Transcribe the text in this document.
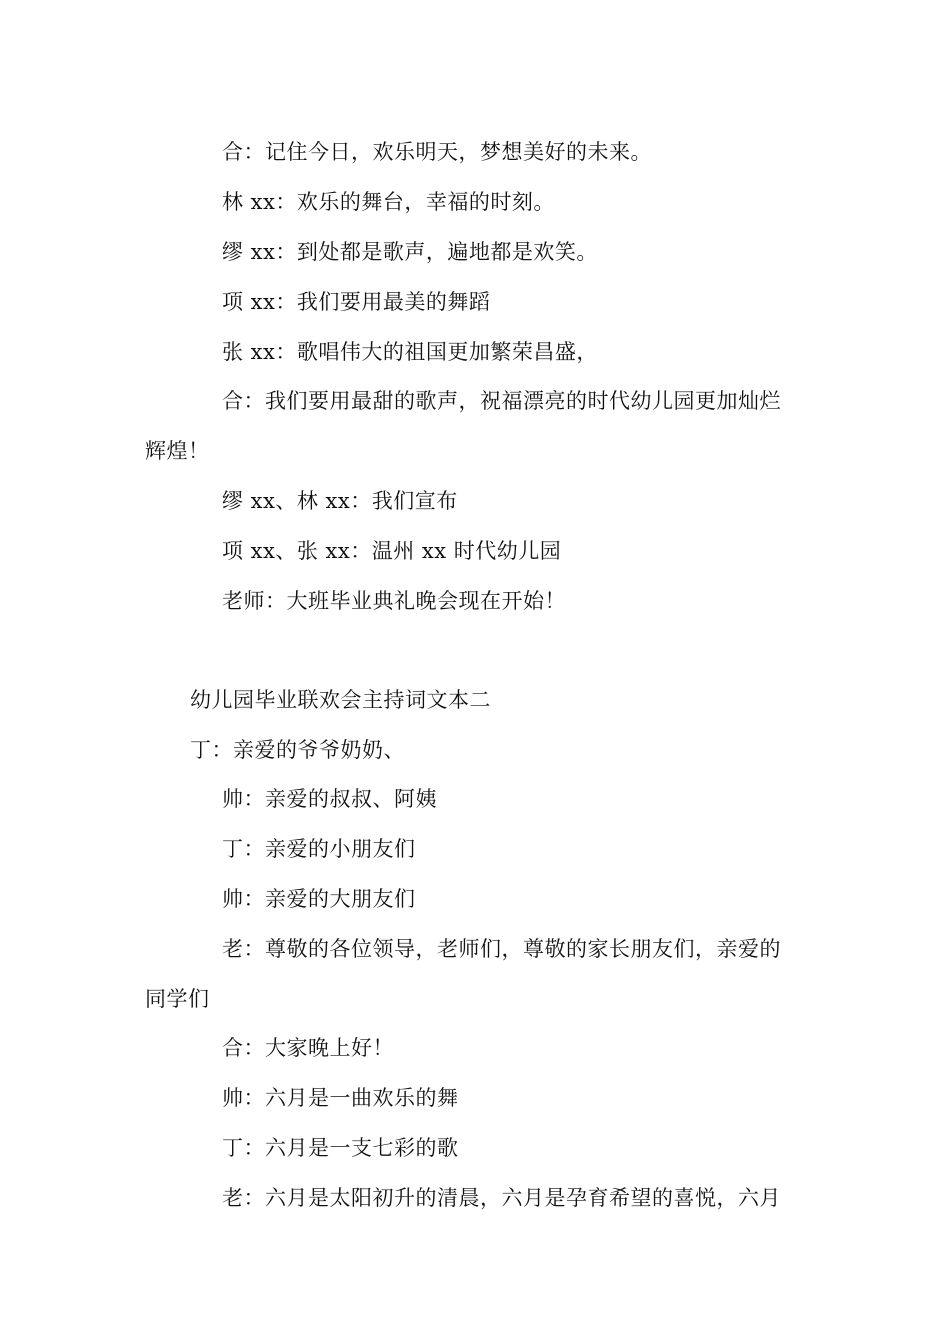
合：记住今日，欢乐明天，梦想美好的未来。
林 xx：欢乐的舞台，幸福的时刻。
缪 xx：到处都是歌声，遍地都是欢笑。
项 xx：我们要用最美的舞蹈
张 xx：歌唱伟大的祖国更加繁荣昌盛，
合：我们要用最甜的歌声，祝福漂亮的时代幼儿园更加灿烂
辉煌！
缪 xx、林 xx：我们宣布
项 xx、张 xx：温州 xx 时代幼儿园
老师：大班毕业典礼晚会现在开始！
幼儿园毕业联欢会主持词文本二
丁：亲爱的爷爷奶奶、
帅：亲爱的叔叔、阿姨
丁：亲爱的小朋友们
帅：亲爱的大朋友们
老：尊敬的各位领导，老师们，尊敬的家长朋友们，亲爱的
同学们
合：大家晚上好！
帅：六月是一曲欢乐的舞
丁：六月是一支七彩的歌
老：六月是太阳初升的清晨，六月是孕育希望的喜悦，六月
